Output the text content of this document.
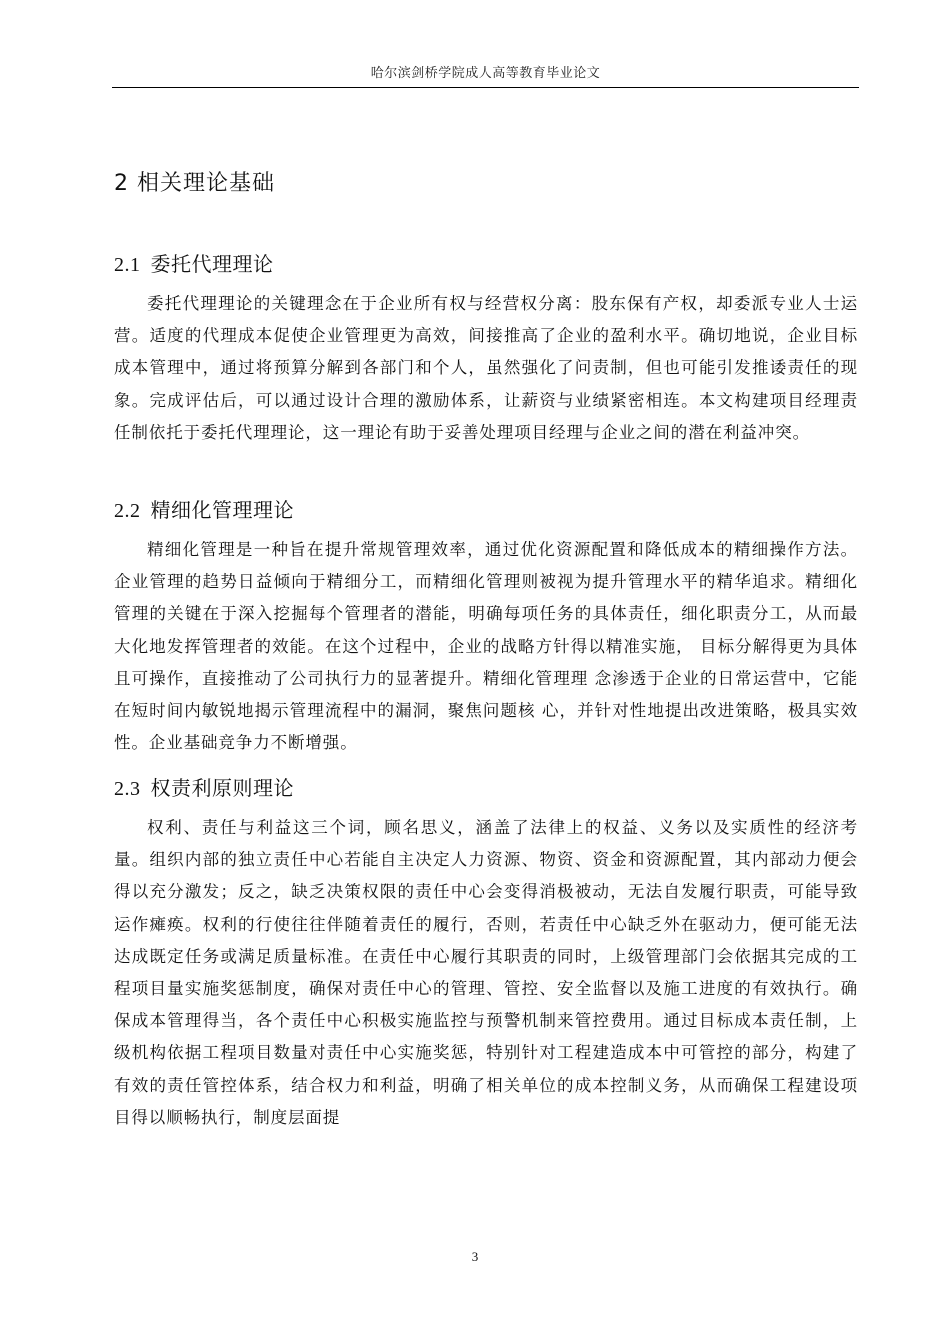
哈尔滨剑桥学院成人高等教育毕业论文
2 相关理论基础
2.1 委托代理理论

委托代理理论的关键理念在于企业所有权与经营权分离：股东保有产权，却委派专业人士运营。适度的代理成本促使企业管理更为高效，间接推高了企业的盈利水平。确切地说，企业目标成本管理中，通过将预算分解到各部门和个人，虽然强化了问责制，但也可能引发推诿责任的现象。完成评估后，可以通过设计合理的激励体系，让薪资与业绩紧密相连。本文构建项目经理责任制依托于委托代理理论，这一理论有助于妥善处理项目经理与企业之间的潜在利益冲突。

2.2 精细化管理理论

精细化管理是一种旨在提升常规管理效率，通过优化资源配置和降低成本的精细操作方法。企业管理的趋势日益倾向于精细分工，而精细化管理则被视为提升管理水平的精华追求。精细化管理的关键在于深入挖掘每个管理者的潜能，明确每项任务的具体责任，细化职责分工，从而最大化地发挥管理者的效能。在这个过程中，企业的战略方针得以精准实施， 目标分解得更为具体且可操作，直接推动了公司执行力的显著提升。精细化管理理 念渗透于企业的日常运营中，它能在短时间内敏锐地揭示管理流程中的漏洞，聚焦问题核 心，并针对性地提出改进策略，极具实效性。企业基础竞争力不断增强。

2.3 权责利原则理论

权利、责任与利益这三个词，顾名思义，涵盖了法律上的权益、义务以及实质性的经济考量。组织内部的独立责任中心若能自主决定人力资源、物资、资金和资源配置，其内部动力便会得以充分激发；反之，缺乏决策权限的责任中心会变得消极被动，无法自发履行职责，可能导致运作瘫痪。权利的行使往往伴随着责任的履行，否则，若责任中心缺乏外在驱动力，便可能无法达成既定任务或满足质量标准。在责任中心履行其职责的同时，上级管理部门会依据其完成的工程项目量实施奖惩制度，确保对责任中心的管理、管控、安全监督以及施工进度的有效执行。确保成本管理得当，各个责任中心积极实施监控与预警机制来管控费用。通过目标成本责任制，上级机构依据工程项目数量对责任中心实施奖惩，特别针对工程建造成本中可管控的部分，构建了有效的责任管控体系，结合权力和利益，明确了相关单位的成本控制义务，从而确保工程建设项目得以顺畅执行，制度层面提

3
